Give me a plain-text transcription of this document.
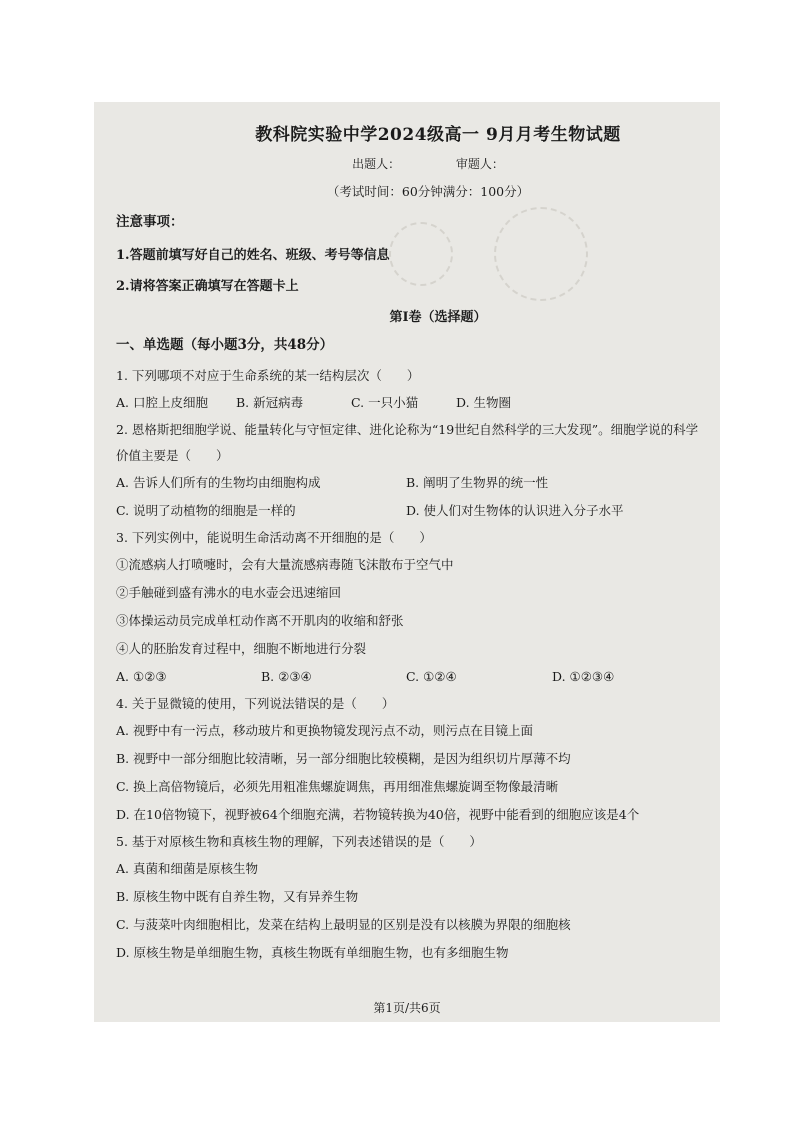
教科院实验中学2024级高一 9月月考生物试题
出题人：	审题人：
（考试时间：60分钟满分：100分）
注意事项：
1.答题前填写好自己的姓名、班级、考号等信息
2.请将答案正确填写在答题卡上
第Ⅰ卷（选择题）
一、单选题（每小题3分，共48分）

1. 下列哪项不对应于生命系统的某一结构层次（　　）

A. 口腔上皮细胞	B. 新冠病毒	C. 一只小猫	D. 生物圈

2. 恩格斯把细胞学说、能量转化与守恒定律、进化论称为“19世纪自然科学的三大发现”。细胞学说的科学价值主要是（　　）

A. 告诉人们所有的生物均由细胞构成	B. 阐明了生物界的统一性
C. 说明了动植物的细胞是一样的	D. 使人们对生物体的认识进入分子水平

3. 下列实例中，能说明生命活动离不开细胞的是（　　）

①流感病人打喷嚏时，会有大量流感病毒随飞沫散布于空气中

②手触碰到盛有沸水的电水壶会迅速缩回

③体操运动员完成单杠动作离不开肌肉的收缩和舒张

④人的胚胎发育过程中，细胞不断地进行分裂

A. ①②③	B. ②③④	C. ①②④	D. ①②③④

4. 关于显微镜的使用，下列说法错误的是（　　）

A. 视野中有一污点，移动玻片和更换物镜发现污点不动，则污点在目镜上面

B. 视野中一部分细胞比较清晰，另一部分细胞比较模糊，是因为组织切片厚薄不均

C. 换上高倍物镜后，必须先用粗准焦螺旋调焦，再用细准焦螺旋调至物像最清晰

D. 在10倍物镜下，视野被64个细胞充满，若物镜转换为40倍，视野中能看到的细胞应该是4个

5. 基于对原核生物和真核生物的理解，下列表述错误的是（　　）

A. 真菌和细菌是原核生物

B. 原核生物中既有自养生物，又有异养生物

C. 与菠菜叶肉细胞相比，发菜在结构上最明显的区别是没有以核膜为界限的细胞核

D. 原核生物是单细胞生物，真核生物既有单细胞生物，也有多细胞生物

第1页/共6页
